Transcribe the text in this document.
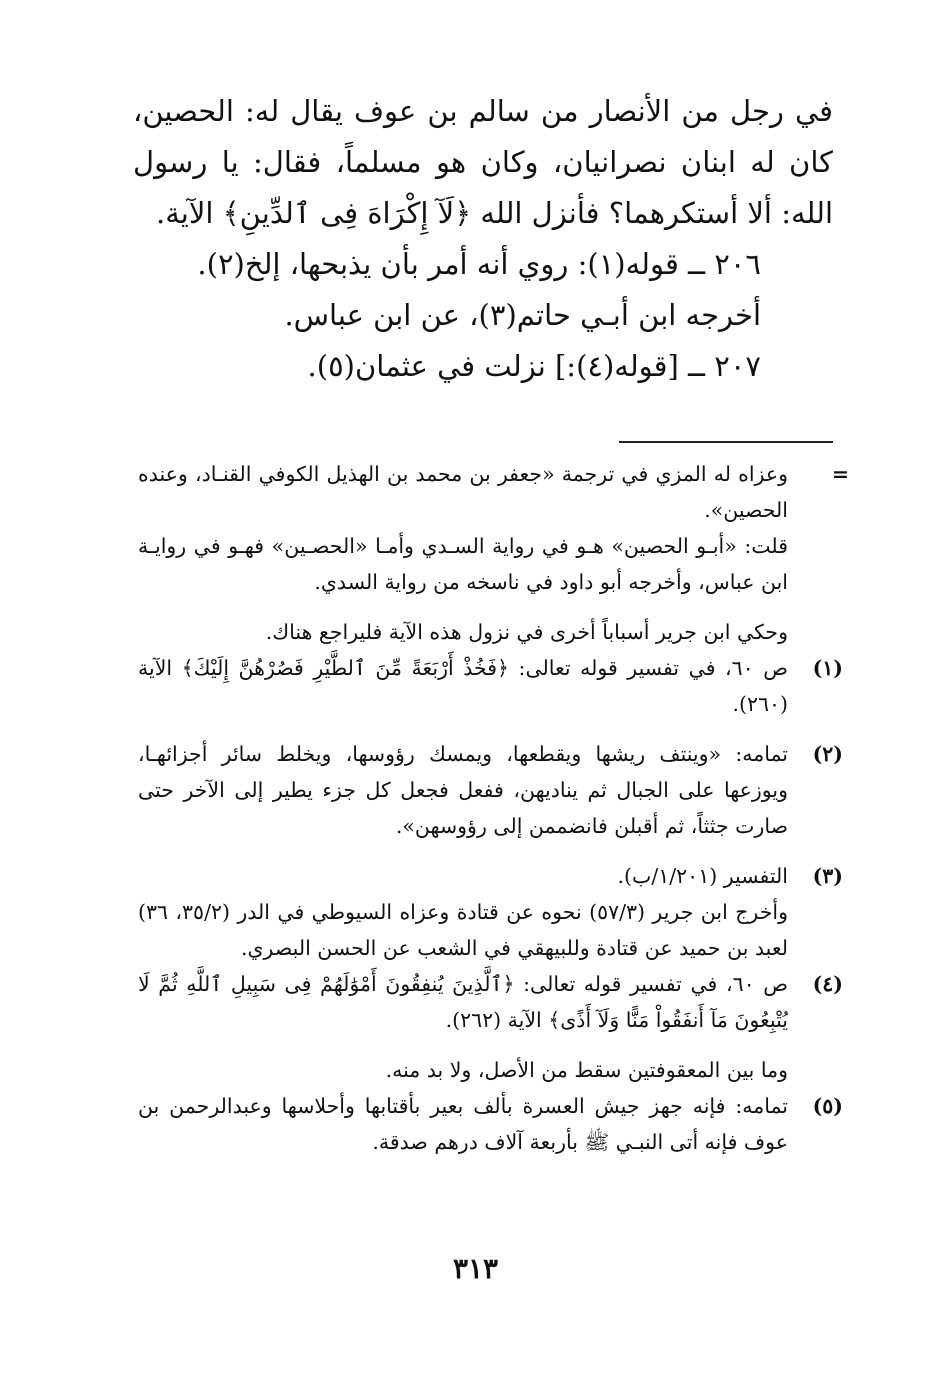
في رجل من الأنصار من سالم بن عوف يقال له: الحصين، كان له ابنان نصرانيان، وكان هو مسلماً، فقال: يا رسول الله: ألا أستكرهما؟ فأنزل الله ﴿لَآ إِكْرَاهَ فِى ٱلدِّينِ﴾ الآية.

٢٠٦ ــ قوله(١): روي أنه أمر بأن يذبحها، إلخ(٢).

أخرجه ابن أبـي حاتم(٣)، عن ابن عباس.

٢٠٧ ــ [قوله(٤):] نزلت في عثمان(٥).

=

وعزاه له المزي في ترجمة «جعفر بن محمد بن الهذيل الكوفي القنـاد، وعنده الحصين».

قلت: «أبـو الحصين» هـو في رواية السـدي وأمـا «الحصـين» فهـو في روايـة ابن عباس، وأخرجه أبو داود في ناسخه من رواية السدي.

وحكي ابن جرير أسباباً أخرى في نزول هذه الآية فليراجع هناك.

(١)
ص ٦٠، في تفسير قوله تعالى: ﴿فَخُذْ أَرْبَعَةً مِّنَ ٱلطَّيْرِ فَصُرْهُنَّ إِلَيْكَ﴾ الآية (٢٦٠).
(٢)
تمامه: «وينتف ريشها ويقطعها، ويمسك رؤوسها، ويخلط سائر أجزائهـا، ويوزعها على الجبال ثم يناديهن، ففعل فجعل كل جزء يطير إلى الآخر حتى صارت جثثاً، ثم أقبلن فانضممن إلى رؤوسهن».
(٣)
التفسير (١/٢٠١/ب).
وأخرج ابن جرير (٥٧/٣) نحوه عن قتادة وعزاه السيوطي في الدر (٣٥/٢، ٣٦) لعبد بن حميد عن قتادة وللبيهقي في الشعب عن الحسن البصري.
(٤)
ص ٦٠، في تفسير قوله تعالى: ﴿ٱلَّذِينَ يُنفِقُونَ أَمْوَٰلَهُمْ فِى سَبِيلِ ٱللَّهِ ثُمَّ لَا يُتْبِعُونَ مَآ أَنفَقُواْ مَنًّا وَلَآ أَذًى﴾ الآية (٢٦٢).
وما بين المعقوفتين سقط من الأصل، ولا بد منه.
(٥)
تمامه: فإنه جهز جيش العسرة بألف بعير بأقتابها وأحلاسها وعبدالرحمن بن عوف فإنه أتى النبـي ﷺ بأربعة آلاف درهم صدقة.
٣١٣
